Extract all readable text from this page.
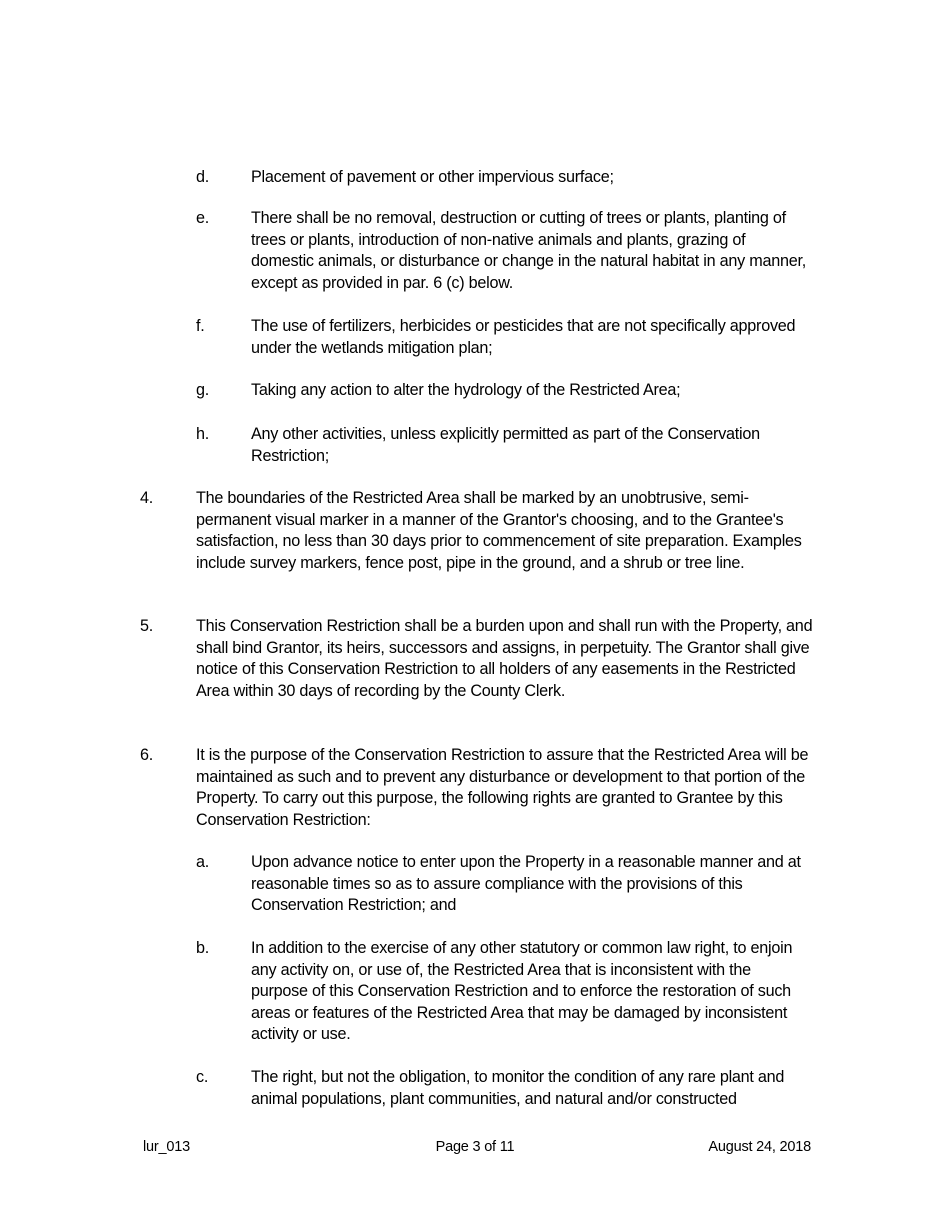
d.	Placement of pavement or other impervious surface;
e.	There shall be no removal, destruction or cutting of trees or plants, planting of trees or plants, introduction of non-native animals and plants, grazing of domestic animals, or disturbance or change in the natural habitat in any manner, except as provided in par. 6 (c) below.
f.	The use of fertilizers, herbicides or pesticides that are not specifically approved under the wetlands mitigation plan;
g.	Taking any action to alter the hydrology of the Restricted Area;
h.	Any other activities, unless explicitly permitted as part of the Conservation Restriction;
4.	The boundaries of the Restricted Area shall be marked by an unobtrusive, semi-permanent visual marker in a manner of the Grantor's choosing, and to the Grantee's satisfaction, no less than 30 days prior to commencement of site preparation. Examples include survey markers, fence post, pipe in the ground, and a shrub or tree line.
5.	This Conservation Restriction shall be a burden upon and shall run with the Property, and shall bind Grantor, its heirs, successors and assigns, in perpetuity. The Grantor shall give notice of this Conservation Restriction to all holders of any easements in the Restricted Area within 30 days of recording by the County Clerk.
6.	It is the purpose of the Conservation Restriction to assure that the Restricted Area will be maintained as such and to prevent any disturbance or development to that portion of the Property. To carry out this purpose, the following rights are granted to Grantee by this Conservation Restriction:
a.	Upon advance notice to enter upon the Property in a reasonable manner and at reasonable times so as to assure compliance with the provisions of this Conservation Restriction; and
b.	In addition to the exercise of any other statutory or common law right, to enjoin any activity on, or use of, the Restricted Area that is inconsistent with the purpose of this Conservation Restriction and to enforce the restoration of such areas or features of the Restricted Area that may be damaged by inconsistent activity or use.
c.	The right, but not the obligation, to monitor the condition of any rare plant and animal populations, plant communities, and natural and/or constructed
lur_013	Page 3 of 11	August 24, 2018
